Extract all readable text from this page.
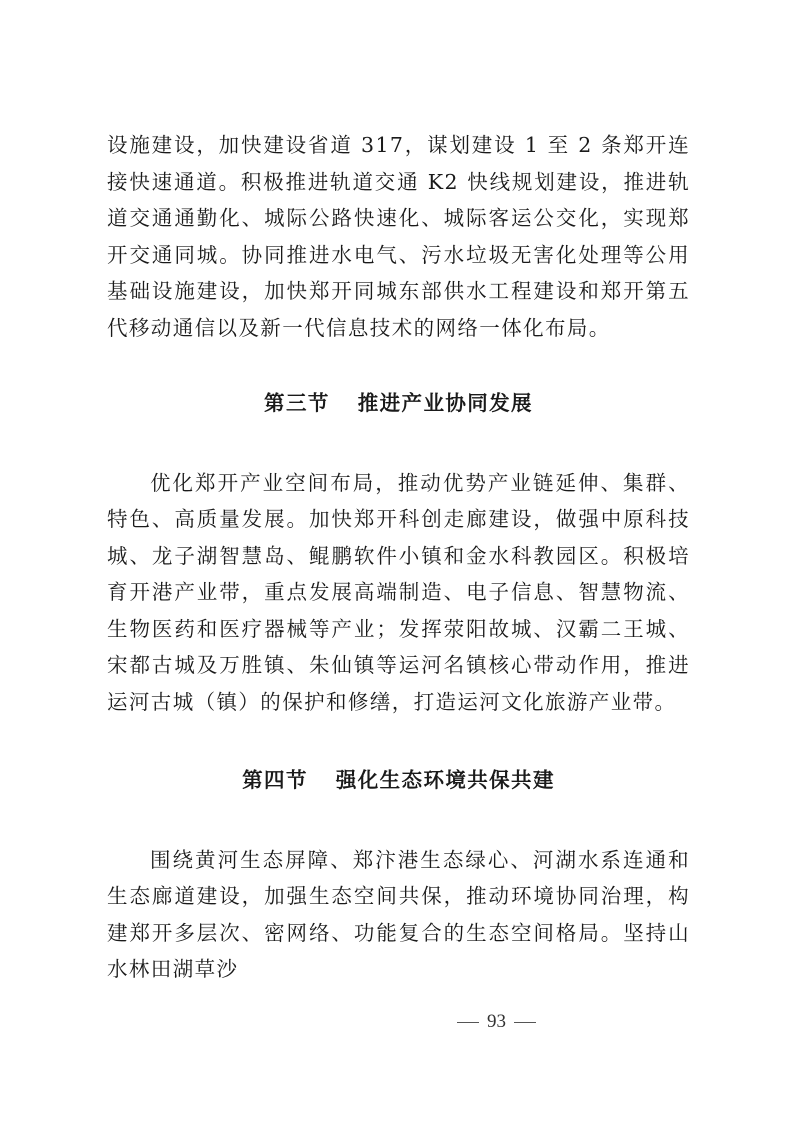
设施建设，加快建设省道 317，谋划建设 1 至 2 条郑开连接快速通道。积极推进轨道交通 K2 快线规划建设，推进轨道交通通勤化、城际公路快速化、城际客运公交化，实现郑开交通同城。协同推进水电气、污水垃圾无害化处理等公用基础设施建设，加快郑开同城东部供水工程建设和郑开第五代移动通信以及新一代信息技术的网络一体化布局。

第三节 推进产业协同发展

优化郑开产业空间布局，推动优势产业链延伸、集群、特色、高质量发展。加快郑开科创走廊建设，做强中原科技城、龙子湖智慧岛、鲲鹏软件小镇和金水科教园区。积极培育开港产业带，重点发展高端制造、电子信息、智慧物流、生物医药和医疗器械等产业；发挥荥阳故城、汉霸二王城、宋都古城及万胜镇、朱仙镇等运河名镇核心带动作用，推进运河古城（镇）的保护和修缮，打造运河文化旅游产业带。

第四节 强化生态环境共保共建

围绕黄河生态屏障、郑汴港生态绿心、河湖水系连通和生态廊道建设，加强生态空间共保，推动环境协同治理，构建郑开多层次、密网络、功能复合的生态空间格局。坚持山水林田湖草沙

93
